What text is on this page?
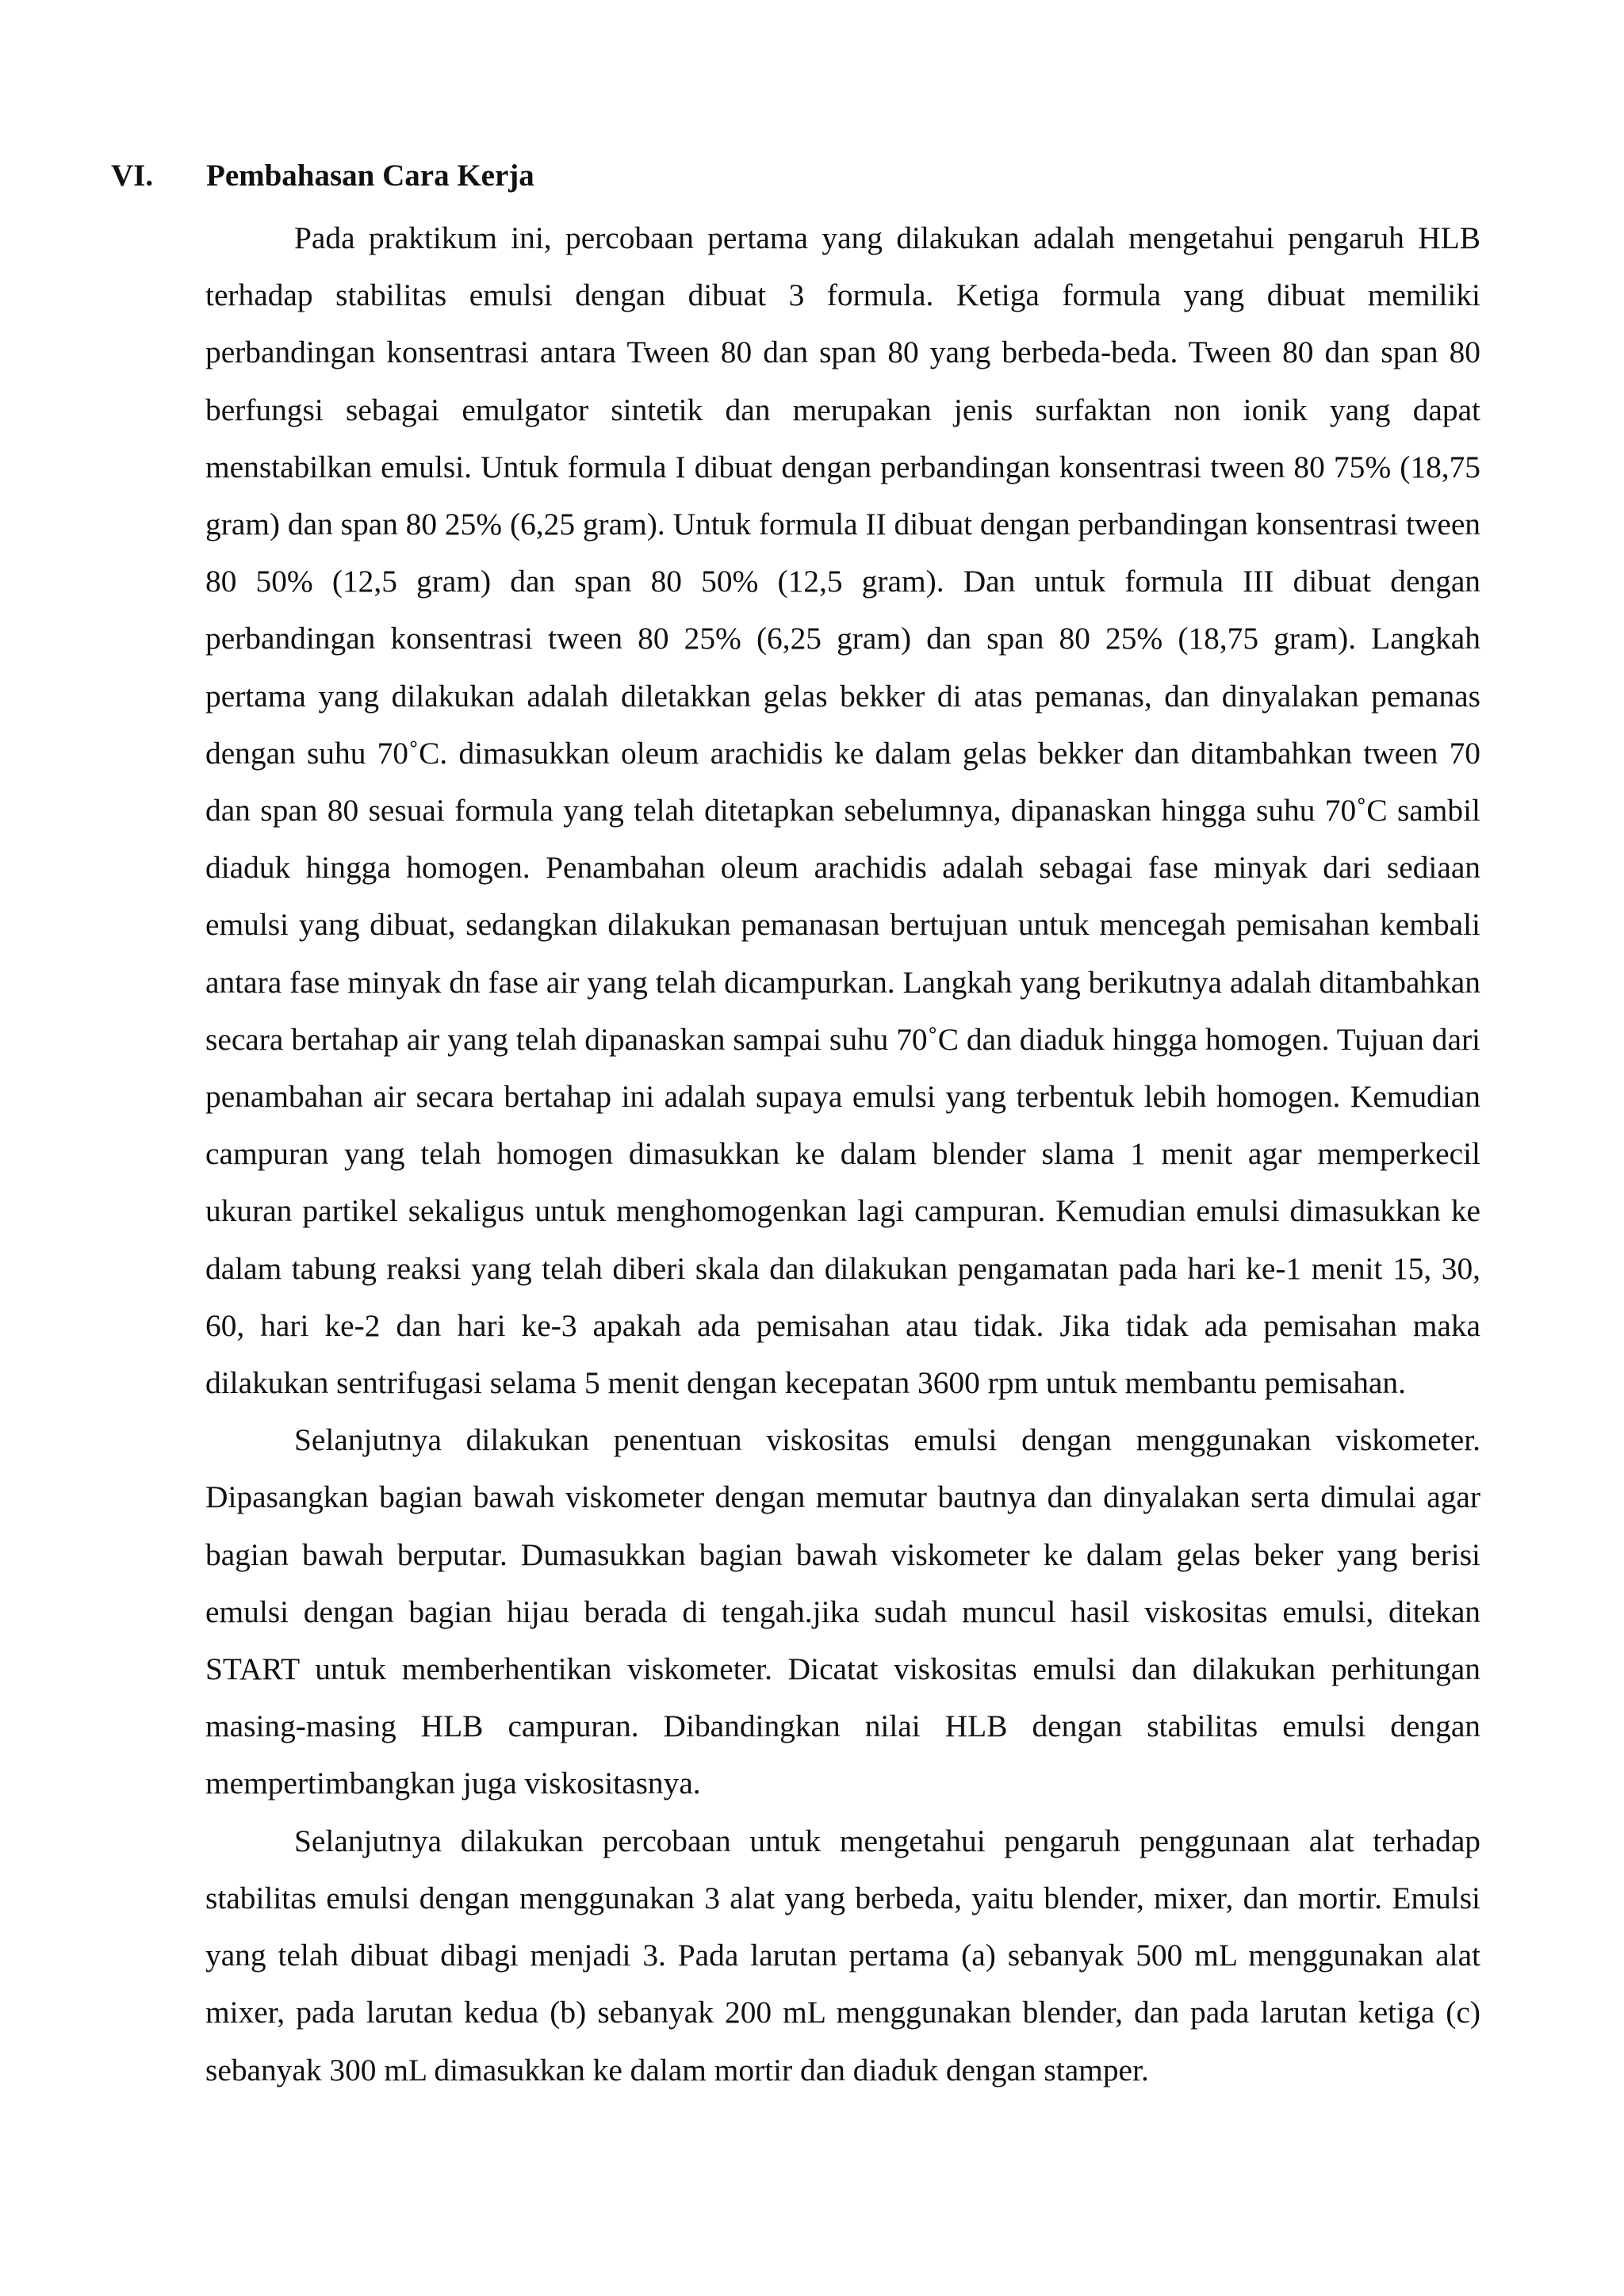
VI. Pembahasan Cara Kerja

Pada praktikum ini, percobaan pertama yang dilakukan adalah mengetahui pengaruh HLB terhadap stabilitas emulsi dengan dibuat 3 formula. Ketiga formula yang dibuat memiliki perbandingan konsentrasi antara Tween 80 dan span 80 yang berbeda-beda. Tween 80 dan span 80 berfungsi sebagai emulgator sintetik dan merupakan jenis surfaktan non ionik yang dapat menstabilkan emulsi. Untuk formula I dibuat dengan perbandingan konsentrasi tween 80 75% (18,75 gram) dan span 80 25% (6,25 gram). Untuk formula II dibuat dengan perbandingan konsentrasi tween 80 50% (12,5 gram) dan span 80 50% (12,5 gram). Dan untuk formula III dibuat dengan perbandingan konsentrasi tween 80 25% (6,25 gram) dan span 80 25% (18,75 gram). Langkah pertama yang dilakukan adalah diletakkan gelas bekker di atas pemanas, dan dinyalakan pemanas dengan suhu 70˚C. dimasukkan oleum arachidis ke dalam gelas bekker dan ditambahkan tween 70 dan span 80 sesuai formula yang telah ditetapkan sebelumnya, dipanaskan hingga suhu 70˚C sambil diaduk hingga homogen. Penambahan oleum arachidis adalah sebagai fase minyak dari sediaan emulsi yang dibuat, sedangkan dilakukan pemanasan bertujuan untuk mencegah pemisahan kembali antara fase minyak dn fase air yang telah dicampurkan. Langkah yang berikutnya adalah ditambahkan secara bertahap air yang telah dipanaskan sampai suhu 70˚C dan diaduk hingga homogen. Tujuan dari penambahan air secara bertahap ini adalah supaya emulsi yang terbentuk lebih homogen. Kemudian campuran yang telah homogen dimasukkan ke dalam blender slama 1 menit agar memperkecil ukuran partikel sekaligus untuk menghomogenkan lagi campuran. Kemudian emulsi dimasukkan ke dalam tabung reaksi yang telah diberi skala dan dilakukan pengamatan pada hari ke-1 menit 15, 30, 60, hari ke-2 dan hari ke-3 apakah ada pemisahan atau tidak. Jika tidak ada pemisahan maka dilakukan sentrifugasi selama 5 menit dengan kecepatan 3600 rpm untuk membantu pemisahan.

Selanjutnya dilakukan penentuan viskositas emulsi dengan menggunakan viskometer. Dipasangkan bagian bawah viskometer dengan memutar bautnya dan dinyalakan serta dimulai agar bagian bawah berputar. Dumasukkan bagian bawah viskometer ke dalam gelas beker yang berisi emulsi dengan bagian hijau berada di tengah.jika sudah muncul hasil viskositas emulsi, ditekan START untuk memberhentikan viskometer. Dicatat viskositas emulsi dan dilakukan perhitungan masing-masing HLB campuran. Dibandingkan nilai HLB dengan stabilitas emulsi dengan mempertimbangkan juga viskositasnya.

Selanjutnya dilakukan percobaan untuk mengetahui pengaruh penggunaan alat terhadap stabilitas emulsi dengan menggunakan 3 alat yang berbeda, yaitu blender, mixer, dan mortir. Emulsi yang telah dibuat dibagi menjadi 3. Pada larutan pertama (a) sebanyak 500 mL menggunakan alat mixer, pada larutan kedua (b) sebanyak 200 mL menggunakan blender, dan pada larutan ketiga (c) sebanyak 300 mL dimasukkan ke dalam mortir dan diaduk dengan stamper.
